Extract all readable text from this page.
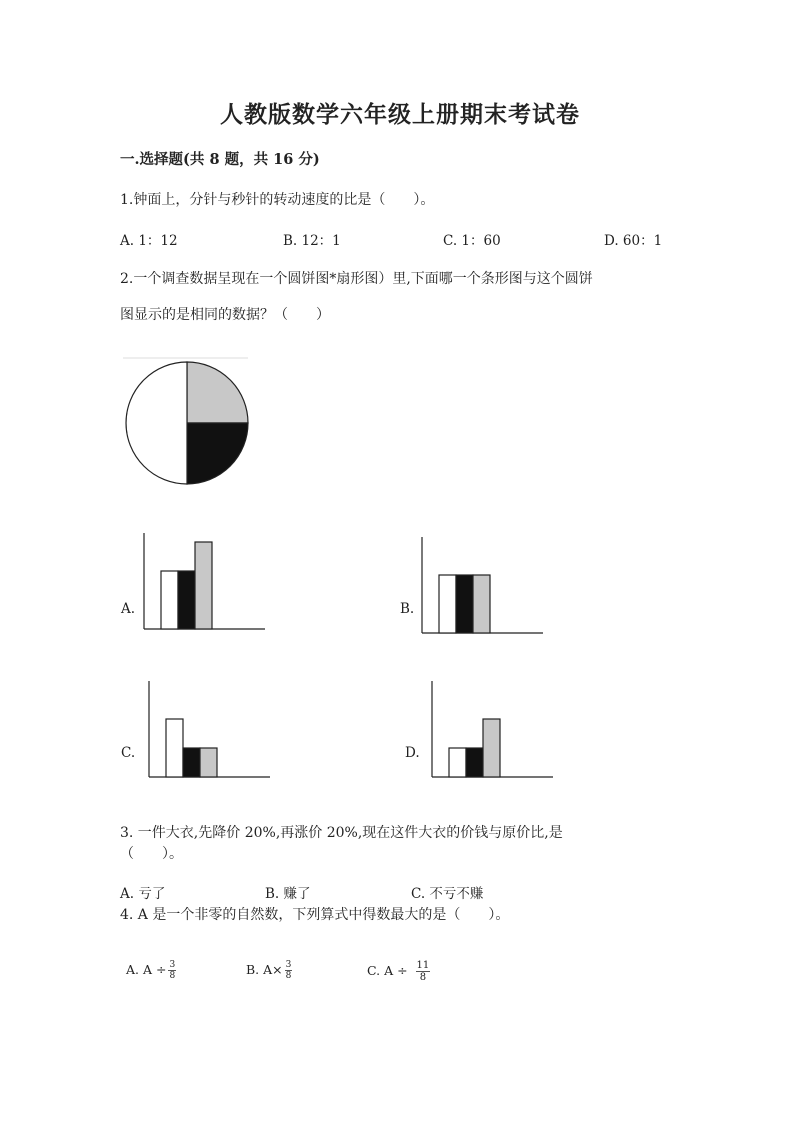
人教版数学六年级上册期末考试卷
一.选择题(共 8 题，共 16 分)
1.钟面上，分针与秒针的转动速度的比是（　　）。
A. 1：12	B. 12：1	C. 1：60	D. 60：1
2.一个调查数据呈现在一个圆饼图*扇形图）里,下面哪一个条形图与这个圆饼
图显示的是相同的数据？（　　）
A.	B.
C.	D.
3. 一件大衣,先降价 20%,再涨价 20%,现在这件大衣的价钱与原价比,是
（　　）。
A. 亏了	B. 赚了	C. 不亏不赚
4. A 是一个非零的自然数，下列算式中得数最大的是（　　）。
A. $A \div \frac{3}{8}$	B. $A\times \frac{3}{8}$	C. $A \div \frac{11}{8}$
